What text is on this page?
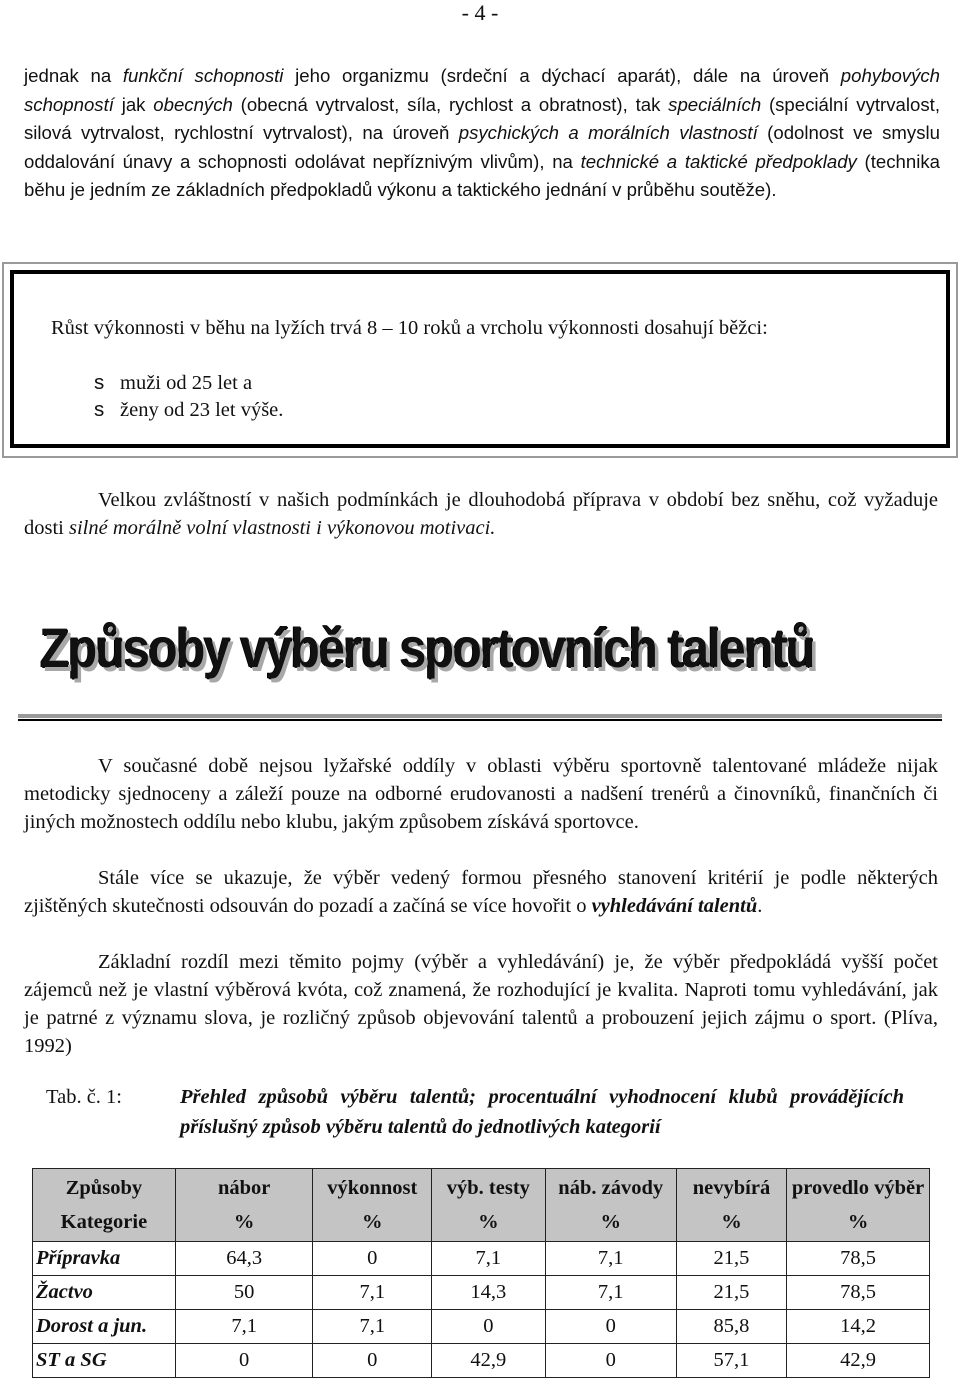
- 4 -

jednak na funkční schopnosti jeho organizmu (srdeční a dýchací aparát), dále na úroveň pohybových schopností jak obecných (obecná vytrvalost, síla, rychlost a obratnost), tak speciálních (speciální vytrvalost, silová vytrvalost, rychlostní vytrvalost), na úroveň psychických a morálních vlastností (odolnost ve smyslu oddalování únavy a schopnosti odolávat nepříznivým vlivům), na technické a taktické předpoklady (technika běhu je jedním ze základních předpokladů výkonu a taktického jednání v průběhu soutěže).

Růst výkonnosti v běhu na lyžích trvá 8 – 10 roků a vrcholu výkonnosti dosahují běžci:

s muži od 25 let a
s ženy od 23 let výše.

Velkou zvláštností v našich podmínkách je dlouhodobá příprava v období bez sněhu, což vyžaduje dosti silné morálně volní vlastnosti i výkonovou motivaci.

Způsoby výběru sportovních talentů

V současné době nejsou lyžařské oddíly v oblasti výběru sportovně talentované mládeže nijak metodicky sjednoceny a záleží pouze na odborné erudovanosti a nadšení trenérů a činovníků, finančních či jiných možnostech oddílu nebo klubu, jakým způsobem získává sportovce.

Stále více se ukazuje, že výběr vedený formou přesného stanovení kritérií je podle některých zjištěných skutečnosti odsouván do pozadí a začíná se více hovořit o vyhledávání talentů.

Základní rozdíl mezi těmito pojmy (výběr a vyhledávání) je, že výběr předpokládá vyšší počet zájemců než je vlastní výběrová kvóta, což znamená, že rozhodující je kvalita. Naproti tomu vyhledávání, jak je patrné z významu slova, je rozličný způsob objevování talentů a probouzení jejich zájmu o sport. (Plíva, 1992)

Tab. č. 1:	Přehled způsobů výběru talentů; procentuální vyhodnocení klubů provádějících příslušný způsob výběru talentů do jednotlivých kategorií
Způsoby	nábor	výkonnost	výb. testy	náb. závody	nevybírá	provedlo výběr
Kategorie	%	%	%	%	%	%
Přípravka	64,3	0	7,1	7,1	21,5	78,5
Žactvo	50	7,1	14,3	7,1	21,5	78,5
Dorost a jun.	7,1	7,1	0	0	85,8	14,2
ST a SG	0	0	42,9	0	57,1	42,9
